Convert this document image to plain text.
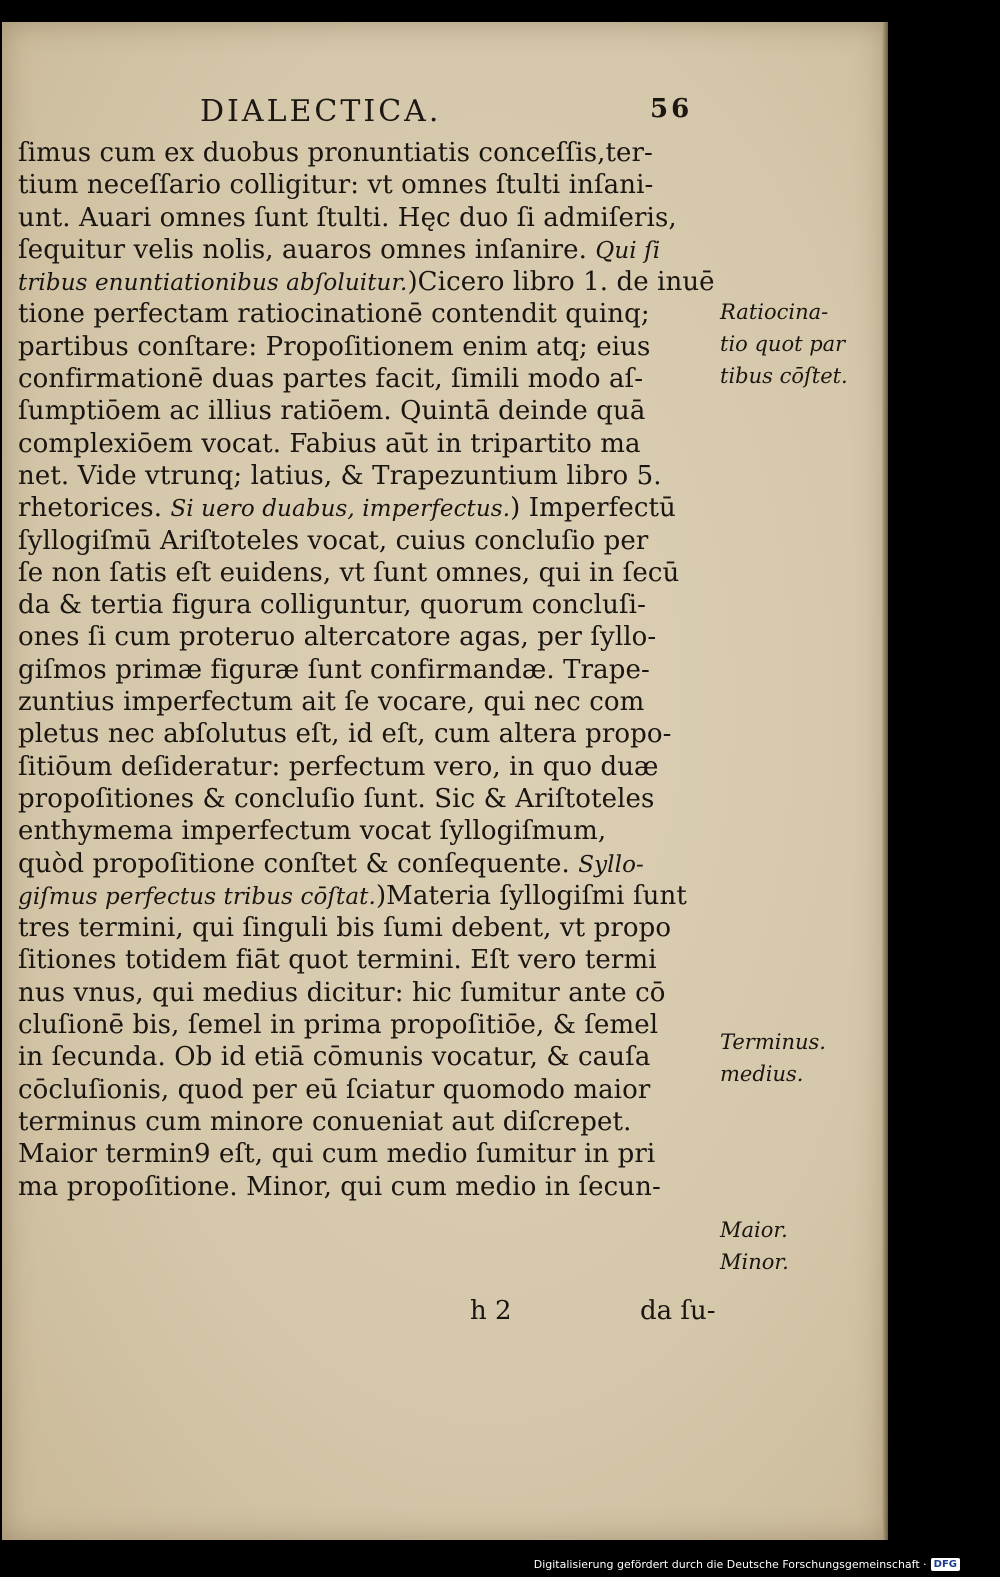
DIALECTICA.	56
ſimus cum ex duobus pronuntiatis conceſſis,ter-
tium neceſſario colligitur: vt omnes ſtulti inſani-
unt. Auari omnes ſunt ſtulti. Hęc duo ſi admiſeris,
ſequitur velis nolis, auaros omnes inſanire. Qui ſi
tribus enuntiationibus abſoluitur.)Cicero libro 1. de inuē
tione perfectam ratiocinationē contendit quinq;
partibus conſtare: Propoſitionem enim atq; eius
confirmationē duas partes facit, ſimili modo aſ-
ſumptiōem ac illius ratiōem. Quintā deinde quā
complexiōem vocat. Fabius aūt in tripartito ma
net. Vide vtrunq; latius, & Trapezuntium libro 5.
rhetorices. Si uero duabus, imperfectus.) Imperfectū
ſyllogiſmū Ariſtoteles vocat, cuius concluſio per
ſe non ſatis eſt euidens, vt ſunt omnes, qui in ſecū
da & tertia figura colliguntur, quorum concluſi-
ones ſi cum proteruo altercatore agas, per ſyllo-
giſmos primæ figuræ ſunt confirmandæ. Trape-
zuntius imperfectum ait ſe vocare, qui nec com
pletus nec abſolutus eſt, id eſt, cum altera propo-
ſitiōum deſideratur: perfectum vero, in quo duæ
propoſitiones & concluſio ſunt. Sic & Ariſtoteles
enthymema imperfectum vocat ſyllogiſmum,
quòd propoſitione conſtet & conſequente. Syllo-
giſmus perfectus tribus cōſtat.)Materia ſyllogiſmi ſunt
tres termini, qui ſinguli bis ſumi debent, vt propo
ſitiones totidem fiāt quot termini. Eſt vero termi
nus vnus, qui medius dicitur: hic ſumitur ante cō
cluſionē bis, ſemel in prima propoſitiōe, & ſemel
in ſecunda. Ob id etiā cōmunis vocatur, & cauſa
cōcluſionis, quod per eū ſciatur quomodo maior
terminus cum minore conueniat aut diſcrepet.
Maior termin9 eſt, qui cum medio ſumitur in pri
ma propoſitione. Minor, qui cum medio in ſecun-
Ratiocina-
tio quot par
tibus cōſtet.
Terminus.
medius.
Maior.
Minor.
h 2	da ſu-
Digitalisierung gefördert durch die Deutsche Forschungsgemeinschaft · DFG
